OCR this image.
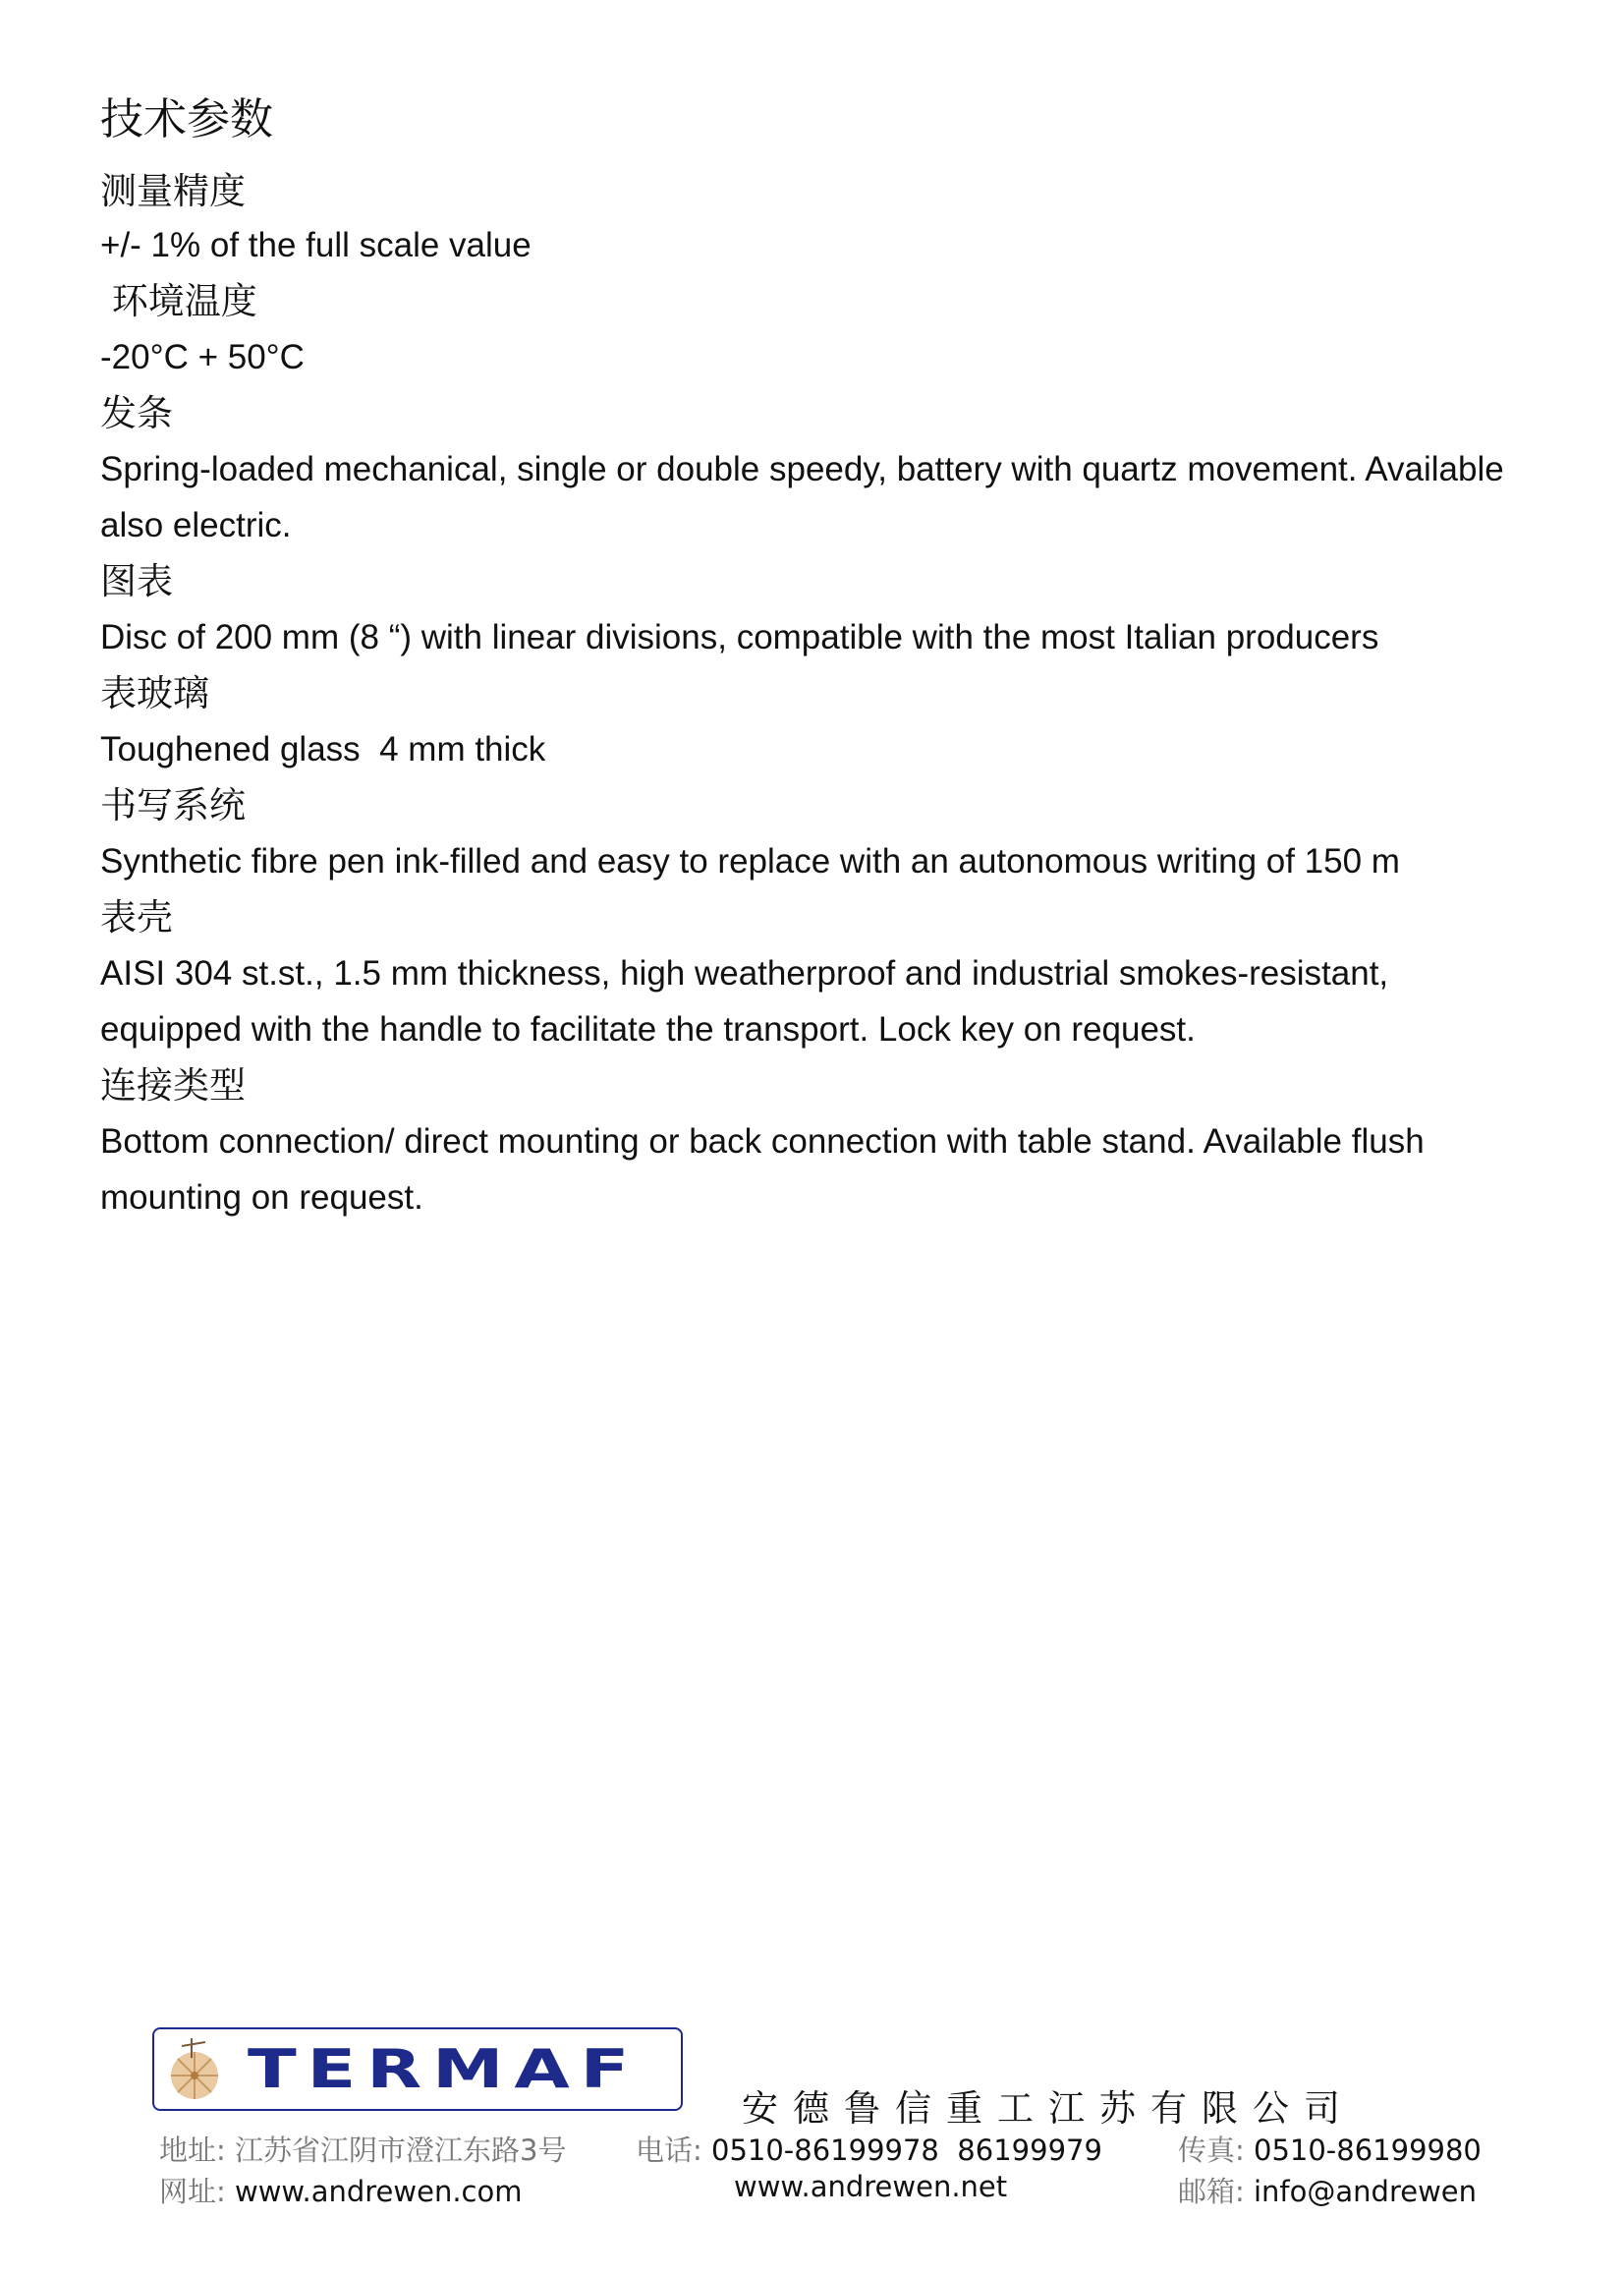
技术参数
测量精度
+/- 1% of the full scale value
环境温度
-20°C + 50°C
发条
Spring-loaded mechanical, single or double speedy, battery with quartz movement. Available also electric.
图表
Disc of 200 mm (8 “) with linear divisions, compatible with the most Italian producers
表玻璃
Toughened glass  4 mm thick
书写系统
Synthetic fibre pen ink-filled and easy to replace with an autonomous writing of 150 m
表壳
AISI 304 st.st., 1.5 mm thickness, high weatherproof and industrial smokes-resistant, equipped with the handle to facilitate the transport. Lock key on request.
连接类型
Bottom connection/ direct mounting or back connection with table stand. Available flush mounting on request.
TERMAF
安德鲁信重工江苏有限公司
地址: 江苏省江阴市澄江东路3号 电话: 0510-86199978  86199979	传真: 0510-86199980
网址: www.andrewen.com	www.andrewen.net	邮箱: info@andrewen
